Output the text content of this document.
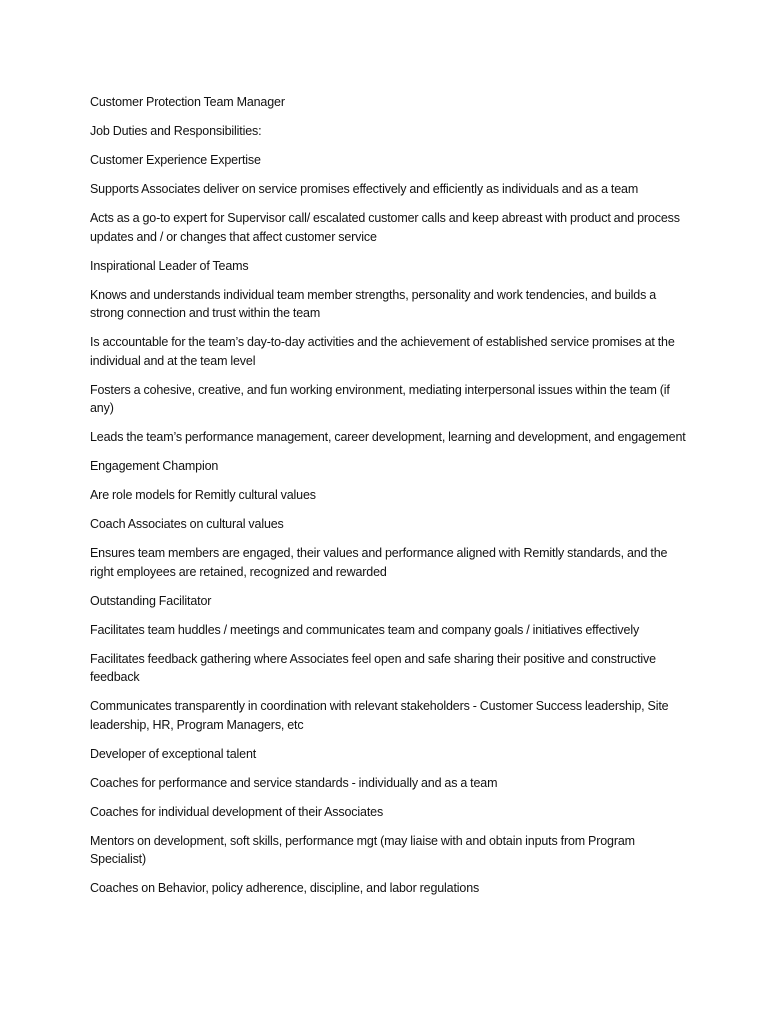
Customer Protection Team Manager

Job Duties and Responsibilities:

Customer Experience Expertise

Supports Associates deliver on service promises effectively and efficiently as individuals and as a team

Acts as a go-to expert for Supervisor call/ escalated customer calls and keep abreast with product and process updates and / or changes that affect customer service

Inspirational Leader of Teams

Knows and understands individual team member strengths, personality and work tendencies, and builds a strong connection and trust within the team

Is accountable for the team’s day-to-day activities and the achievement of established service promises at the individual and at the team level

Fosters a cohesive, creative, and fun working environment, mediating interpersonal issues within the team (if any)

Leads the team’s performance management, career development, learning and development, and engagement

Engagement Champion

Are role models for Remitly cultural values

Coach Associates on cultural values

Ensures team members are engaged, their values and performance aligned with Remitly standards, and the right employees are retained, recognized and rewarded

Outstanding Facilitator

Facilitates team huddles / meetings and communicates team and company goals / initiatives effectively

Facilitates feedback gathering where Associates feel open and safe sharing their positive and constructive feedback

Communicates transparently in coordination with relevant stakeholders - Customer Success leadership, Site leadership, HR, Program Managers, etc

Developer of exceptional talent

Coaches for performance and service standards - individually and as a team

Coaches for individual development of their Associates

Mentors on development, soft skills, performance mgt (may liaise with and obtain inputs from Program Specialist)

Coaches on Behavior, policy adherence, discipline, and labor regulations
